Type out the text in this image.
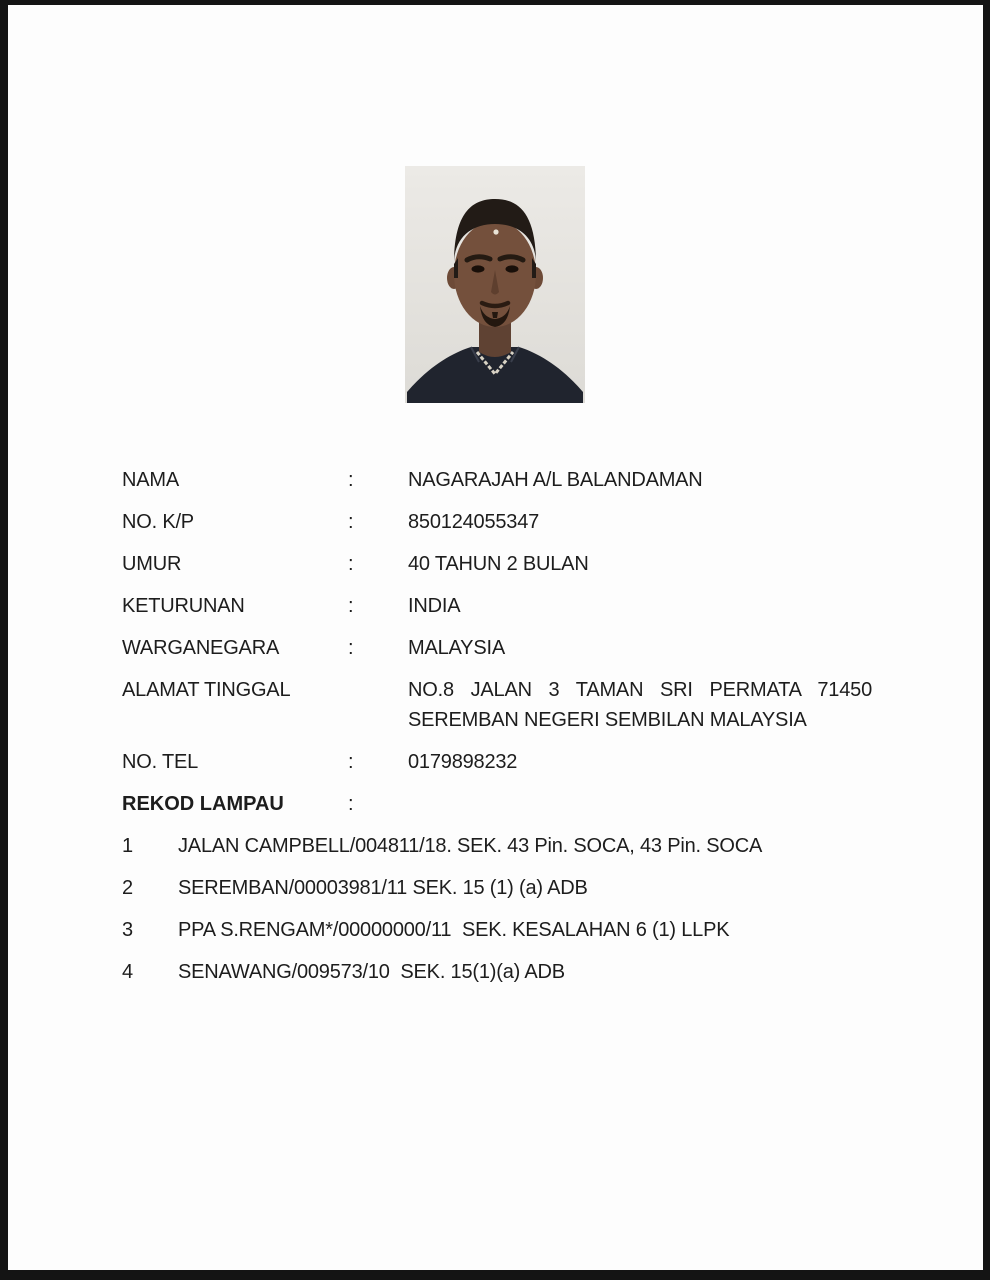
NAMA	:	NAGARAJAH A/L BALANDAMAN
NO. K/P	:	850124055347
UMUR	:	40 TAHUN 2 BULAN
KETURUNAN	:	INDIA
WARGANEGARA	:	MALAYSIA
ALAMAT TINGGAL	NO.8 JALAN 3 TAMAN SRI PERMATA 71450
SEREMBAN NEGERI SEMBILAN MALAYSIA
NO. TEL	:	0179898232
REKOD LAMPAU	:
1	JALAN CAMPBELL/004811/18. SEK. 43 Pin. SOCA, 43 Pin. SOCA
2	SEREMBAN/00003981/11 SEK. 15 (1) (a) ADB
3	PPA S.RENGAM*/00000000/11  SEK. KESALAHAN 6 (1) LLPK
4	SENAWANG/009573/10  SEK. 15(1)(a) ADB
